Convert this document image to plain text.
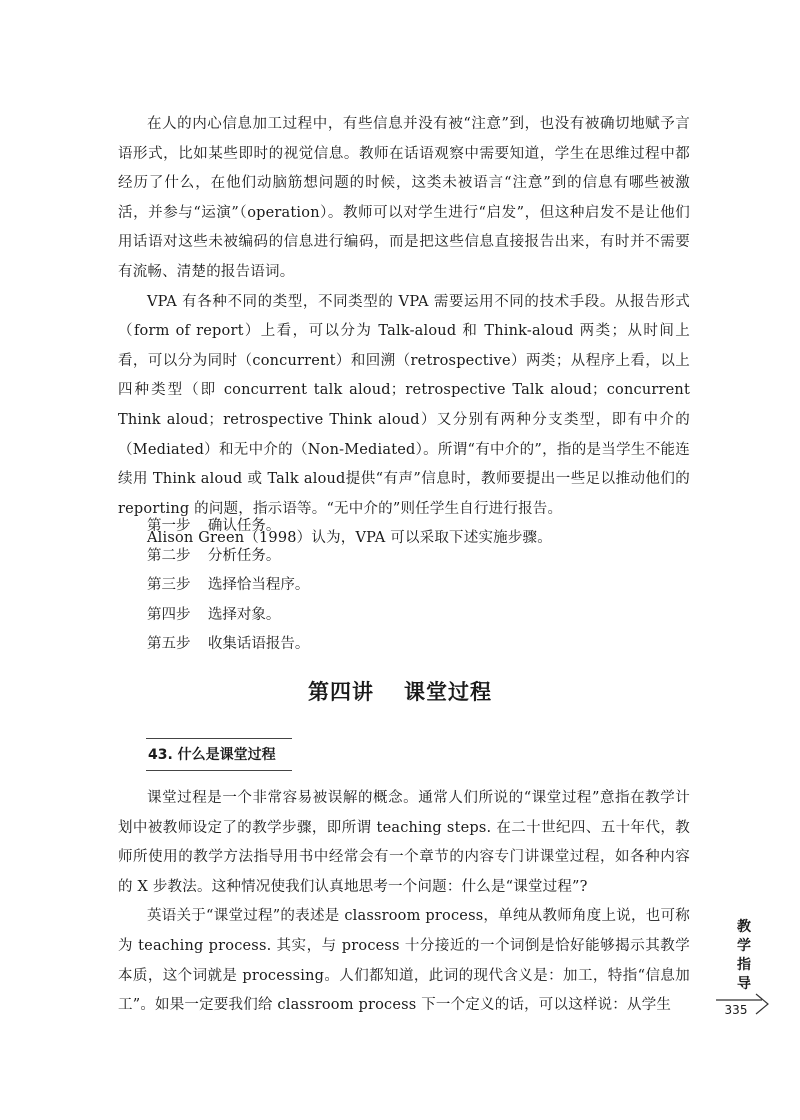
在人的内心信息加工过程中，有些信息并没有被“注意”到，也没有被确切地赋予言语形式，比如某些即时的视觉信息。教师在话语观察中需要知道，学生在思维过程中都经历了什么，在他们动脑筋想问题的时候，这类未被语言“注意”到的信息有哪些被激活，并参与“运演”（operation）。教师可以对学生进行“启发”，但这种启发不是让他们用话语对这些未被编码的信息进行编码，而是把这些信息直接报告出来，有时并不需要有流畅、清楚的报告语词。

VPA 有各种不同的类型，不同类型的 VPA 需要运用不同的技术手段。从报告形式（form of report）上看，可以分为 Talk-aloud 和 Think-aloud 两类；从时间上看，可以分为同时（concurrent）和回溯（retrospective）两类；从程序上看，以上四种类型（即 concurrent talk aloud；retrospective Talk aloud；concurrent Think aloud；retrospective Think aloud）又分别有两种分支类型，即有中介的（Mediated）和无中介的（Non-Mediated）。所谓“有中介的”，指的是当学生不能连续用 Think aloud 或 Talk aloud提供“有声”信息时，教师要提出一些足以推动他们的 reporting 的问题，指示语等。“无中介的”则任学生自行进行报告。

Alison Green（1998）认为，VPA 可以采取下述实施步骤。

第一步 确认任务。
第二步 分析任务。
第三步 选择恰当程序。
第四步 选择对象。
第五步 收集话语报告。
第四讲 课堂过程
43. 什么是课堂过程

课堂过程是一个非常容易被误解的概念。通常人们所说的“课堂过程”意指在教学计划中被教师设定了的教学步骤，即所谓 teaching steps. 在二十世纪四、五十年代，教师所使用的教学方法指导用书中经常会有一个章节的内容专门讲课堂过程，如各种内容的 X 步教法。这种情况使我们认真地思考一个问题：什么是“课堂过程”?

英语关于“课堂过程”的表述是 classroom process，单纯从教师角度上说，也可称为 teaching process. 其实，与 process 十分接近的一个词倒是恰好能够揭示其教学本质，这个词就是 processing。人们都知道，此词的现代含义是：加工，特指“信息加工”。如果一定要我们给 classroom process 下一个定义的话，可以这样说：从学生

教
学
指
导
335
